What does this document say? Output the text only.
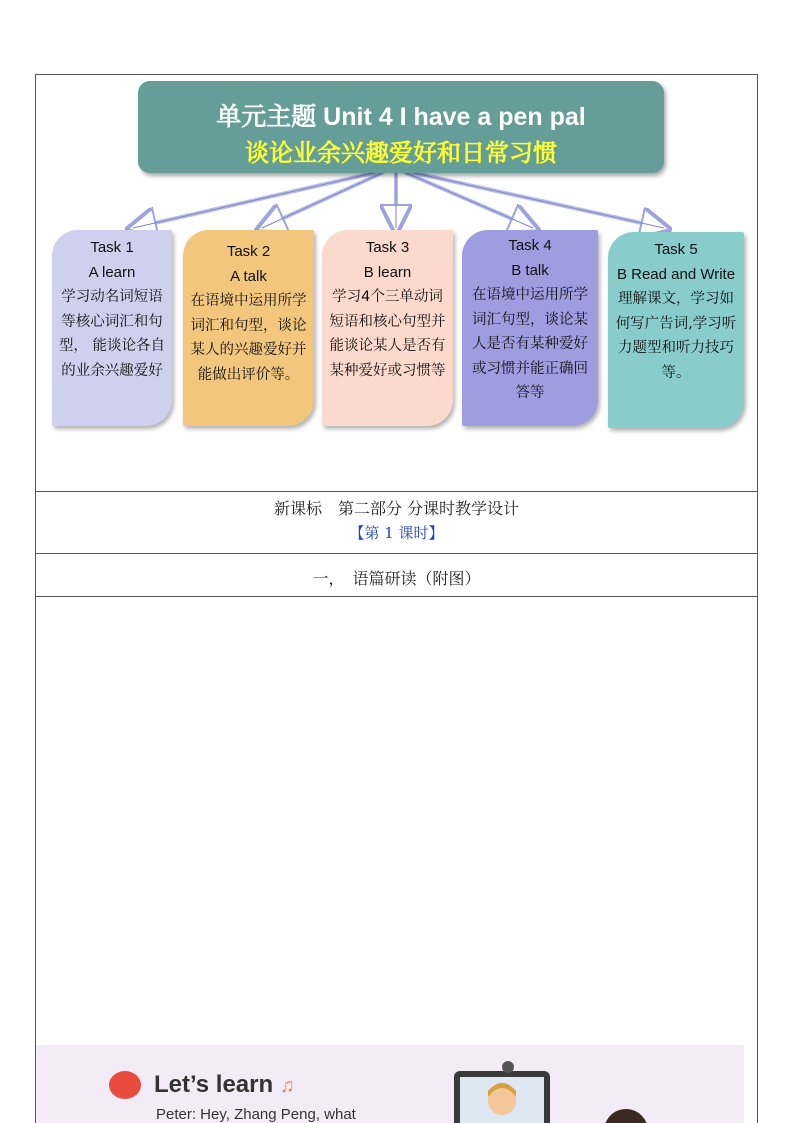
单元主题 Unit 4 I have a pen pal
谈论业余兴趣爱好和日常习惯
Task 1
A learn
学习动名词短语等核心词汇和句型， 能谈论各自的业余兴趣爱好
Task 2
A talk
在语境中运用所学词汇和句型，谈论某人的兴趣爱好并能做出评价等。
Task 3
B learn
学习4个三单动词短语和核心句型并能谈论某人是否有某种爱好或习惯等
Task 4
B talk
在语境中运用所学词汇句型，谈论某人是否有某种爱好或习惯并能正确回答等
Task 5
B Read and Write
理解课文，学习如何写广告词,学习听力题型和听力技巧等。
新课标　第二部分 分课时教学设计
【第 1 课时】
一，　语篇研读（附图）
Let’s learn ♫
Peter: Hey, Zhang Peng, what
